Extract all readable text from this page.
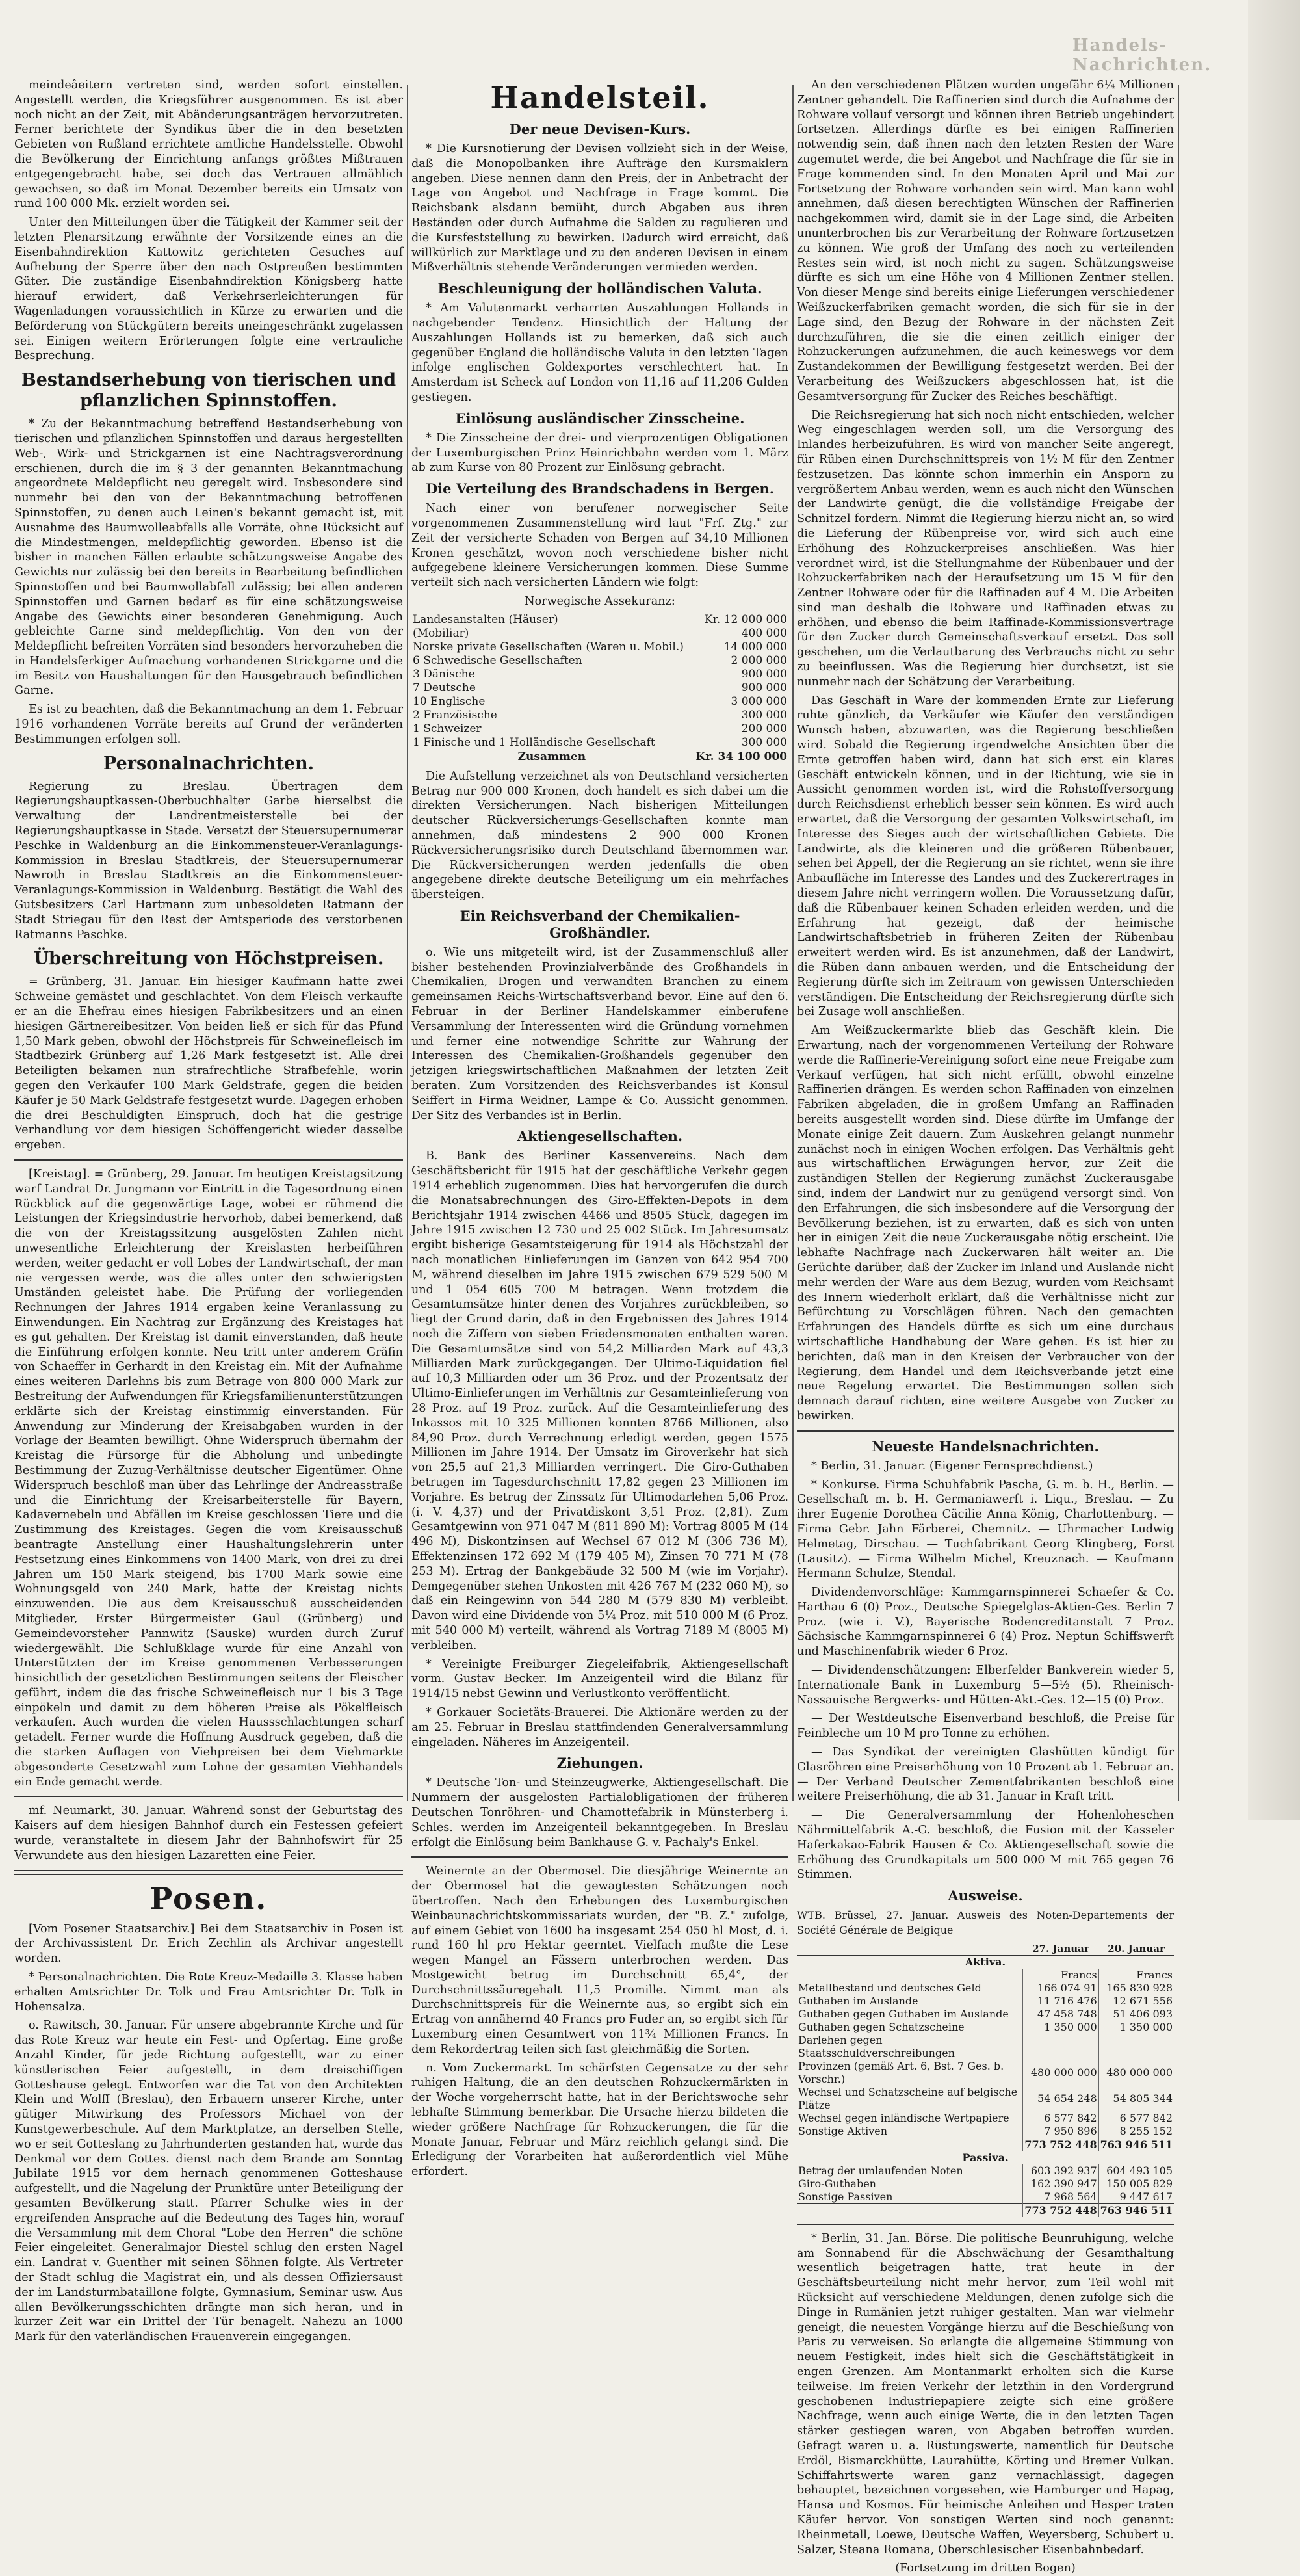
Handels-Nachrichten.

meindeâeitern vertreten sind, werden sofort einstellen. Angestellt werden, die Kriegsführer ausgenommen. Es ist aber noch nicht an der Zeit, mit Abänderungsanträgen hervorzutreten. Ferner berichtete der Syndikus über die in den besetzten Gebieten von Rußland errichtete amtliche Handelsstelle. Obwohl die Bevölkerung der Einrichtung anfangs größtes Mißtrauen entgegengebracht habe, sei doch das Vertrauen allmählich gewachsen, so daß im Monat Dezember bereits ein Umsatz von rund 100 000 Mk. erzielt worden sei.

Unter den Mitteilungen über die Tätigkeit der Kammer seit der letzten Plenarsitzung erwähnte der Vorsitzende eines an die Eisenbahndirektion Kattowitz gerichteten Gesuches auf Aufhebung der Sperre über den nach Ostpreußen bestimmten Güter. Die zuständige Eisenbahndirektion Königsberg hatte hierauf erwidert, daß Verkehrserleichterungen für Wagenladungen voraussichtlich in Kürze zu erwarten und die Beförderung von Stückgütern bereits uneingeschränkt zugelassen sei. Einigen weitern Erörterungen folgte eine vertrauliche Besprechung.

Bestandserhebung von tierischen und pflanzlichen Spinnstoffen.

* Zu der Bekanntmachung betreffend Bestandserhebung von tierischen und pflanzlichen Spinnstoffen und daraus hergestellten Web-, Wirk- und Strickgarnen ist eine Nachtragsverordnung erschienen, durch die im § 3 der genannten Bekanntmachung angeordnete Meldepflicht neu geregelt wird. Insbesondere sind nunmehr bei den von der Bekanntmachung betroffenen Spinnstoffen, zu denen auch Leinen's bekannt gemacht ist, mit Ausnahme des Baumwolleabfalls alle Vorräte, ohne Rücksicht auf die Mindestmengen, meldepflichtig geworden. Ebenso ist die bisher in manchen Fällen erlaubte schätzungsweise Angabe des Gewichts nur zulässig bei den bereits in Bearbeitung befindlichen Spinnstoffen und bei Baumwollabfall zulässig; bei allen anderen Spinnstoffen und Garnen bedarf es für eine schätzungsweise Angabe des Gewichts einer besonderen Genehmigung. Auch gebleichte Garne sind meldepflichtig. Von den von der Meldepflicht befreiten Vorräten sind besonders hervorzuheben die in Handelsferkiger Aufmachung vorhandenen Strickgarne und die im Besitz von Haushaltungen für den Hausgebrauch befindlichen Garne.

Es ist zu beachten, daß die Bekanntmachung an dem 1. Februar 1916 vorhandenen Vorräte bereits auf Grund der veränderten Bestimmungen erfolgen soll.

Personalnachrichten.

Regierung zu Breslau. Übertragen dem Regierungshauptkassen-Oberbuchhalter Garbe hierselbst die Verwaltung der Landrentmeisterstelle bei der Regierungshauptkasse in Stade. Versetzt der Steuersupernumerar Peschke in Waldenburg an die Einkommensteuer-Veranlagungs-Kommission in Breslau Stadtkreis, der Steuersupernumerar Nawroth in Breslau Stadtkreis an die Einkommensteuer-Veranlagungs-Kommission in Waldenburg. Bestätigt die Wahl des Gutsbesitzers Carl Hartmann zum unbesoldeten Ratmann der Stadt Striegau für den Rest der Amtsperiode des verstorbenen Ratmanns Paschke.

Überschreitung von Höchstpreisen.

= Grünberg, 31. Januar. Ein hiesiger Kaufmann hatte zwei Schweine gemästet und geschlachtet. Von dem Fleisch verkaufte er an die Ehefrau eines hiesigen Fabrikbesitzers und an einen hiesigen Gärtnereibesitzer. Von beiden ließ er sich für das Pfund 1,50 Mark geben, obwohl der Höchstpreis für Schweinefleisch im Stadtbezirk Grünberg auf 1,26 Mark festgesetzt ist. Alle drei Beteiligten bekamen nun strafrechtliche Strafbefehle, worin gegen den Verkäufer 100 Mark Geldstrafe, gegen die beiden Käufer je 50 Mark Geldstrafe festgesetzt wurde. Dagegen erhoben die drei Beschuldigten Einspruch, doch hat die gestrige Verhandlung vor dem hiesigen Schöffengericht wieder dasselbe ergeben.

[Kreistag]. = Grünberg, 29. Januar. Im heutigen Kreistagsitzung warf Landrat Dr. Jungmann vor Eintritt in die Tagesordnung einen Rückblick auf die gegenwärtige Lage, wobei er rühmend die Leistungen der Kriegsindustrie hervorhob, dabei bemerkend, daß die von der Kreistagssitzung ausgelösten Zahlen nicht unwesentliche Erleichterung der Kreislasten herbeiführen werden, weiter gedacht er voll Lobes der Landwirtschaft, der man nie vergessen werde, was die alles unter den schwierigsten Umständen geleistet habe. Die Prüfung der vorliegenden Rechnungen der Jahres 1914 ergaben keine Veranlassung zu Einwendungen. Ein Nachtrag zur Ergänzung des Kreistages hat es gut gehalten. Der Kreistag ist damit einverstanden, daß heute die Einführung erfolgen konnte. Neu tritt unter anderem Gräfin von Schaeffer in Gerhardt in den Kreistag ein. Mit der Aufnahme eines weiteren Darlehns bis zum Betrage von 800 000 Mark zur Bestreitung der Aufwendungen für Kriegsfamilienunterstützungen erklärte sich der Kreistag einstimmig einverstanden. Für Anwendung zur Minderung der Kreisabgaben wurden in der Vorlage der Beamten bewilligt. Ohne Widerspruch übernahm der Kreistag die Fürsorge für die Abholung und unbedingte Bestimmung der Zuzug-Verhältnisse deutscher Eigentümer. Ohne Widerspruch beschloß man über das Lehrlinge der Andreasstraße und die Einrichtung der Kreisarbeiterstelle für Bayern, Kadavernebeln und Abfällen im Kreise geschlossen Tiere und die Zustimmung des Kreistages. Gegen die vom Kreisausschuß beantragte Anstellung einer Haushaltungslehrerin unter Festsetzung eines Einkommens von 1400 Mark, von drei zu drei Jahren um 150 Mark steigend, bis 1700 Mark sowie eine Wohnungsgeld von 240 Mark, hatte der Kreistag nichts einzuwenden. Die aus dem Kreisausschuß ausscheidenden Mitglieder, Erster Bürgermeister Gaul (Grünberg) und Gemeindevorsteher Pannwitz (Sauske) wurden durch Zuruf wiedergewählt. Die Schlußklage wurde für eine Anzahl von Unterstützten der im Kreise genommenen Verbesserungen hinsichtlich der gesetzlichen Bestimmungen seitens der Fleischer geführt, indem die das frische Schweinefleisch nur 1 bis 3 Tage einpökeln und damit zu dem höheren Preise als Pökelfleisch verkaufen. Auch wurden die vielen Haussschlachtungen scharf getadelt. Ferner wurde die Hoffnung Ausdruck gegeben, daß die die starken Auflagen von Viehpreisen bei dem Viehmarkte abgesonderte Gesetzwahl zum Lohne der gesamten Viehhandels ein Ende gemacht werde.

mf. Neumarkt, 30. Januar. Während sonst der Geburtstag des Kaisers auf dem hiesigen Bahnhof durch ein Festessen gefeiert wurde, veranstaltete in diesem Jahr der Bahnhofswirt für 25 Verwundete aus den hiesigen Lazaretten eine Feier.

Posen.

[Vom Posener Staatsarchiv.] Bei dem Staatsarchiv in Posen ist der Archivassistent Dr. Erich Zechlin als Archivar angestellt worden.

* Personalnachrichten. Die Rote Kreuz-Medaille 3. Klasse haben erhalten Amtsrichter Dr. Tolk und Frau Amtsrichter Dr. Tolk in Hohensalza.

o. Rawitsch, 30. Januar. Für unsere abgebrannte Kirche und für das Rote Kreuz war heute ein Fest- und Opfertag. Eine große Anzahl Kinder, für jede Richtung aufgestellt, war zu einer künstlerischen Feier aufgestellt, in dem dreischiffigen Gotteshause gelegt. Entworfen war die Tat von den Architekten Klein und Wolff (Breslau), den Erbauern unserer Kirche, unter gütiger Mitwirkung des Professors Michael von der Kunstgewerbeschule. Auf dem Marktplatze, an derselben Stelle, wo er seit Gotteslang zu Jahrhunderten gestanden hat, wurde das Denkmal vor dem Gottes. dienst nach dem Brande am Sonntag Jubilate 1915 vor dem hernach genommenen Gotteshause aufgestellt, und die Nagelung der Prunktüre unter Beteiligung der gesamten Bevölkerung statt. Pfarrer Schulke wies in der ergreifenden Ansprache auf die Bedeutung des Tages hin, worauf die Versammlung mit dem Choral "Lobe den Herren" die schöne Feier eingeleitet. Generalmajor Diestel schlug den ersten Nagel ein. Landrat v. Guenther mit seinen Söhnen folgte. Als Vertreter der Stadt schlug die Magistrat ein, und als dessen Offiziersaust der im Landsturmbataillone folgte, Gymnasium, Seminar usw. Aus allen Bevölkerungsschichten drängte man sich heran, und in kurzer Zeit war ein Drittel der Tür benagelt. Nahezu an 1000 Mark für den vaterländischen Frauenverein eingegangen.

Handelsteil.
Der neue Devisen-Kurs.

* Die Kursnotierung der Devisen vollzieht sich in der Weise, daß die Monopolbanken ihre Aufträge den Kursmaklern angeben. Diese nennen dann den Preis, der in Anbetracht der Lage von Angebot und Nachfrage in Frage kommt. Die Reichsbank alsdann bemüht, durch Abgaben aus ihren Beständen oder durch Aufnahme die Salden zu regulieren und die Kursfeststellung zu bewirken. Dadurch wird erreicht, daß willkürlich zur Marktlage und zu den anderen Devisen in einem Mißverhältnis stehende Veränderungen vermieden werden.

Beschleunigung der holländischen Valuta.

* Am Valutenmarkt verharrten Auszahlungen Hollands in nachgebender Tendenz. Hinsichtlich der Haltung der Auszahlungen Hollands ist zu bemerken, daß sich auch gegenüber England die holländische Valuta in den letzten Tagen infolge englischen Goldexportes verschlechtert hat. In Amsterdam ist Scheck auf London von 11,16 auf 11,206 Gulden gestiegen.

Einlösung ausländischer Zinsscheine.

* Die Zinsscheine der drei- und vierprozentigen Obligationen der Luxemburgischen Prinz Heinrichbahn werden vom 1. März ab zum Kurse von 80 Prozent zur Einlösung gebracht.

Die Verteilung des Brandschadens in Bergen.

Nach einer von berufener norwegischer Seite vorgenommenen Zusammenstellung wird laut "Frf. Ztg." zur Zeit der versicherte Schaden von Bergen auf 34,10 Millionen Kronen geschätzt, wovon noch verschiedene bisher nicht aufgegebene kleinere Versicherungen kommen. Diese Summe verteilt sich nach versicherten Ländern wie folgt:

Norwegische Assekuranz:

Landesanstalten (Häuser)	Kr. 12 000 000
(Mobiliar)	400 000
Norske private Gesellschaften (Waren u. Mobil.)	14 000 000
6 Schwedische Gesellschaften	2 000 000
3 Dänische	900 000
7 Deutsche	900 000
10 Englische	3 000 000
2 Französische	300 000
1 Schweizer	200 000
1 Finische und 1 Holländische Gesellschaft	300 000
Zusammen	Kr. 34 100 000

Die Aufstellung verzeichnet als von Deutschland versicherten Betrag nur 900 000 Kronen, doch handelt es sich dabei um die direkten Versicherungen. Nach bisherigen Mitteilungen deutscher Rückversicherungs-Gesellschaften konnte man annehmen, daß mindestens 2 900 000 Kronen Rückversicherungsrisiko durch Deutschland übernommen war. Die Rückversicherungen werden jedenfalls die oben angegebene direkte deutsche Beteiligung um ein mehrfaches übersteigen.

Ein Reichsverband der Chemikalien-Großhändler.

o. Wie uns mitgeteilt wird, ist der Zusammenschluß aller bisher bestehenden Provinzialverbände des Großhandels in Chemikalien, Drogen und verwandten Branchen zu einem gemeinsamen Reichs-Wirtschaftsverband bevor. Eine auf den 6. Februar in der Berliner Handelskammer einberufene Versammlung der Interessenten wird die Gründung vornehmen und ferner eine notwendige Schritte zur Wahrung der Interessen des Chemikalien-Großhandels gegenüber den jetzigen kriegswirtschaftlichen Maßnahmen der letzten Zeit beraten. Zum Vorsitzenden des Reichsverbandes ist Konsul Seiffert in Firma Weidner, Lampe & Co. Aussicht genommen. Der Sitz des Verbandes ist in Berlin.

Aktiengesellschaften.

B. Bank des Berliner Kassenvereins. Nach dem Geschäftsbericht für 1915 hat der geschäftliche Verkehr gegen 1914 erheblich zugenommen. Dies hat hervorgerufen die durch die Monatsabrechnungen des Giro-Effekten-Depots in dem Berichtsjahr 1914 zwischen 4466 und 8505 Stück, dagegen im Jahre 1915 zwischen 12 730 und 25 002 Stück. Im Jahresumsatz ergibt bisherige Gesamtsteigerung für 1914 als Höchstzahl der nach monatlichen Einlieferungen im Ganzen von 642 954 700 M, während dieselben im Jahre 1915 zwischen 679 529 500 M und 1 054 605 700 M betragen. Wenn trotzdem die Gesamtumsätze hinter denen des Vorjahres zurückbleiben, so liegt der Grund darin, daß in den Ergebnissen des Jahres 1914 noch die Ziffern von sieben Friedensmonaten enthalten waren. Die Gesamtumsätze sind von 54,2 Milliarden Mark auf 43,3 Milliarden Mark zurückgegangen. Der Ultimo-Liquidation fiel auf 10,3 Milliarden oder um 36 Proz. und der Prozentsatz der Ultimo-Einlieferungen im Verhältnis zur Gesamteinlieferung von 28 Proz. auf 19 Proz. zurück. Auf die Gesamteinlieferung des Inkassos mit 10 325 Millionen konnten 8766 Millionen, also 84,90 Proz. durch Verrechnung erledigt werden, gegen 1575 Millionen im Jahre 1914. Der Umsatz im Giroverkehr hat sich von 25,5 auf 21,3 Milliarden verringert. Die Giro-Guthaben betrugen im Tagesdurchschnitt 17,82 gegen 23 Millionen im Vorjahre. Es betrug der Zinssatz für Ultimodarlehen 5,06 Proz. (i. V. 4,37) und der Privatdiskont 3,51 Proz. (2,81). Zum Gesamtgewinn von 971 047 M (811 890 M): Vortrag 8005 M (14 496 M), Diskontzinsen auf Wechsel 67 012 M (306 736 M), Effektenzinsen 172 692 M (179 405 M), Zinsen 70 771 M (78 253 M). Ertrag der Bankgebäude 32 500 M (wie im Vorjahr). Demgegenüber stehen Unkosten mit 426 767 M (232 060 M), so daß ein Reingewinn von 544 280 M (579 830 M) verbleibt. Davon wird eine Dividende von 5¼ Proz. mit 510 000 M (6 Proz. mit 540 000 M) verteilt, während als Vortrag 7189 M (8005 M) verbleiben.

* Vereinigte Freiburger Ziegeleifabrik, Aktiengesellschaft vorm. Gustav Becker. Im Anzeigenteil wird die Bilanz für 1914/15 nebst Gewinn und Verlustkonto veröffentlicht.

* Gorkauer Societäts-Brauerei. Die Aktionäre werden zu der am 25. Februar in Breslau stattfindenden Generalversammlung eingeladen. Näheres im Anzeigenteil.

Ziehungen.

* Deutsche Ton- und Steinzeugwerke, Aktiengesellschaft. Die Nummern der ausgelosten Partialobligationen der früheren Deutschen Tonröhren- und Chamottefabrik in Münsterberg i. Schles. werden im Anzeigenteil bekanntgegeben. In Breslau erfolgt die Einlösung beim Bankhause G. v. Pachaly's Enkel.

Weinernte an der Obermosel. Die diesjährige Weinernte an der Obermosel hat die gewagtesten Schätzungen noch übertroffen. Nach den Erhebungen des Luxemburgischen Weinbaunachrichtskommissariats wurden, der "B. Z." zufolge, auf einem Gebiet von 1600 ha insgesamt 254 050 hl Most, d. i. rund 160 hl pro Hektar geerntet. Vielfach mußte die Lese wegen Mangel an Fässern unterbrochen werden. Das Mostgewicht betrug im Durchschnitt 65,4°, der Durchschnittssäuregehalt 11,5 Promille. Nimmt man als Durchschnittspreis für die Weinernte aus, so ergibt sich ein Ertrag von annähernd 40 Francs pro Fuder an, so ergibt sich für Luxemburg einen Gesamtwert von 11¾ Millionen Francs. In dem Rekordertrag teilen sich fast gleichmäßig die Sorten.

n. Vom Zuckermarkt. Im schärfsten Gegensatze zu der sehr ruhigen Haltung, die an den deutschen Rohzuckermärkten in der Woche vorgeherrscht hatte, hat in der Berichtswoche sehr lebhafte Stimmung bemerkbar. Die Ursache hierzu bildeten die wieder größere Nachfrage für Rohzuckerungen, die für die Monate Januar, Februar und März reichlich gelangt sind. Die Erledigung der Vorarbeiten hat außerordentlich viel Mühe erfordert.

An den verschiedenen Plätzen wurden ungefähr 6¼ Millionen Zentner gehandelt. Die Raffinerien sind durch die Aufnahme der Rohware vollauf versorgt und können ihren Betrieb ungehindert fortsetzen. Allerdings dürfte es bei einigen Raffinerien notwendig sein, daß ihnen nach den letzten Resten der Ware zugemutet werde, die bei Angebot und Nachfrage die für sie in Frage kommenden sind. In den Monaten April und Mai zur Fortsetzung der Rohware vorhanden sein wird. Man kann wohl annehmen, daß diesen berechtigten Wünschen der Raffinerien nachgekommen wird, damit sie in der Lage sind, die Arbeiten ununterbrochen bis zur Verarbeitung der Rohware fortzusetzen zu können. Wie groß der Umfang des noch zu verteilenden Restes sein wird, ist noch nicht zu sagen. Schätzungsweise dürfte es sich um eine Höhe von 4 Millionen Zentner stellen. Von dieser Menge sind bereits einige Lieferungen verschiedener Weißzuckerfabriken gemacht worden, die sich für sie in der Lage sind, den Bezug der Rohware in der nächsten Zeit durchzuführen, die sie die einen zeitlich einiger der Rohzuckerungen aufzunehmen, die auch keineswegs vor dem Zustandekommen der Bewilligung festgesetzt werden. Bei der Verarbeitung des Weißzuckers abgeschlossen hat, ist die Gesamtversorgung für Zucker des Reiches beschäftigt.

Die Reichsregierung hat sich noch nicht entschieden, welcher Weg eingeschlagen werden soll, um die Versorgung des Inlandes herbeizuführen. Es wird von mancher Seite angeregt, für Rüben einen Durchschnittspreis von 1½ M für den Zentner festzusetzen. Das könnte schon immerhin ein Ansporn zu vergrößertem Anbau werden, wenn es auch nicht den Wünschen der Landwirte genügt, die die vollständige Freigabe der Schnitzel fordern. Nimmt die Regierung hierzu nicht an, so wird die Lieferung der Rübenpreise vor, wird sich auch eine Erhöhung des Rohzuckerpreises anschließen. Was hier verordnet wird, ist die Stellungnahme der Rübenbauer und der Rohzuckerfabriken nach der Heraufsetzung um 15 M für den Zentner Rohware oder für die Raffinaden auf 4 M. Die Arbeiten sind man deshalb die Rohware und Raffinaden etwas zu erhöhen, und ebenso die beim Raffinade-Kommissionsvertrage für den Zucker durch Gemeinschaftsverkauf ersetzt. Das soll geschehen, um die Verlautbarung des Verbrauchs nicht zu sehr zu beeinflussen. Was die Regierung hier durchsetzt, ist sie nunmehr nach der Schätzung der Verarbeitung.

Das Geschäft in Ware der kommenden Ernte zur Lieferung ruhte gänzlich, da Verkäufer wie Käufer den verständigen Wunsch haben, abzuwarten, was die Regierung beschließen wird. Sobald die Regierung irgendwelche Ansichten über die Ernte getroffen haben wird, dann hat sich erst ein klares Geschäft entwickeln können, und in der Richtung, wie sie in Aussicht genommen worden ist, wird die Rohstoffversorgung durch Reichsdienst erheblich besser sein können. Es wird auch erwartet, daß die Versorgung der gesamten Volkswirtschaft, im Interesse des Sieges auch der wirtschaftlichen Gebiete. Die Landwirte, als die kleineren und die größeren Rübenbauer, sehen bei Appell, der die Regierung an sie richtet, wenn sie ihre Anbaufläche im Interesse des Landes und des Zuckerertrages in diesem Jahre nicht verringern wollen. Die Voraussetzung dafür, daß die Rübenbauer keinen Schaden erleiden werden, und die Erfahrung hat gezeigt, daß der heimische Landwirtschaftsbetrieb in früheren Zeiten der Rübenbau erweitert werden wird. Es ist anzunehmen, daß der Landwirt, die Rüben dann anbauen werden, und die Entscheidung der Regierung dürfte sich im Zeitraum von gewissen Unterschieden verständigen. Die Entscheidung der Reichsregierung dürfte sich bei Zusage woll anschließen.

Am Weißzuckermarkte blieb das Geschäft klein. Die Erwartung, nach der vorgenommenen Verteilung der Rohware werde die Raffinerie-Vereinigung sofort eine neue Freigabe zum Verkauf verfügen, hat sich nicht erfüllt, obwohl einzelne Raffinerien drängen. Es werden schon Raffinaden von einzelnen Fabriken abgeladen, die in großem Umfang an Raffinaden bereits ausgestellt worden sind. Diese dürfte im Umfange der Monate einige Zeit dauern. Zum Auskehren gelangt nunmehr zunächst noch in einigen Wochen erfolgen. Das Verhältnis geht aus wirtschaftlichen Erwägungen hervor, zur Zeit die zuständigen Stellen der Regierung zunächst Zuckerausgabe sind, indem der Landwirt nur zu genügend versorgt sind. Von den Erfahrungen, die sich insbesondere auf die Versorgung der Bevölkerung beziehen, ist zu erwarten, daß es sich von unten her in einigen Zeit die neue Zuckerausgabe nötig erscheint. Die lebhafte Nachfrage nach Zuckerwaren hält weiter an. Die Gerüchte darüber, daß der Zucker im Inland und Auslande nicht mehr werden der Ware aus dem Bezug, wurden vom Reichsamt des Innern wiederholt erklärt, daß die Verhältnisse nicht zur Befürchtung zu Vorschlägen führen. Nach den gemachten Erfahrungen des Handels dürfte es sich um eine durchaus wirtschaftliche Handhabung der Ware gehen. Es ist hier zu berichten, daß man in den Kreisen der Verbraucher von der Regierung, dem Handel und dem Reichsverbande jetzt eine neue Regelung erwartet. Die Bestimmungen sollen sich demnach darauf richten, eine weitere Ausgabe von Zucker zu bewirken.

Neueste Handelsnachrichten.

* Berlin, 31. Januar. (Eigener Fernsprechdienst.)

* Konkurse. Firma Schuhfabrik Pascha, G. m. b. H., Berlin. — Gesellschaft m. b. H. Germaniawerft i. Liqu., Breslau. — Zu ihrer Eugenie Dorothea Cäcilie Anna König, Charlottenburg. — Firma Gebr. Jahn Färberei, Chemnitz. — Uhrmacher Ludwig Helmetag, Dirschau. — Tuchfabrikant Georg Klingberg, Forst (Lausitz). — Firma Wilhelm Michel, Kreuznach. — Kaufmann Hermann Schulze, Stendal.

Dividendenvorschläge: Kammgarnspinnerei Schaefer & Co. Harthau 6 (0) Proz., Deutsche Spiegelglas-Aktien-Ges. Berlin 7 Proz. (wie i. V.), Bayerische Bodencreditanstalt 7 Proz. Sächsische Kammgarnspinnerei 6 (4) Proz. Neptun Schiffswerft und Maschinenfabrik wieder 6 Proz.

— Dividendenschätzungen: Elberfelder Bankverein wieder 5, Internationale Bank in Luxemburg 5—5½ (5). Rheinisch-Nassauische Bergwerks- und Hütten-Akt.-Ges. 12—15 (0) Proz.

— Der Westdeutsche Eisenverband beschloß, die Preise für Feinbleche um 10 M pro Tonne zu erhöhen.

— Das Syndikat der vereinigten Glashütten kündigt für Glasröhren eine Preiserhöhung von 10 Prozent ab 1. Februar an. — Der Verband Deutscher Zementfabrikanten beschloß eine weitere Preiserhöhung, die ab 31. Januar in Kraft tritt.

— Die Generalversammlung der Hohenloheschen Nährmittelfabrik A.-G. beschloß, die Fusion mit der Kasseler Haferkakao-Fabrik Hausen & Co. Aktiengesellschaft sowie die Erhöhung des Grundkapitals um 500 000 M mit 765 gegen 76 Stimmen.

Ausweise.

WTB. Brüssel, 27. Januar. Ausweis des Noten-Departements der Société Générale de Belgique

	27. Januar	20. Januar
Aktiva.		
	Francs	Francs
Metallbestand und deutsches Geld	166 074 91	165 830 928
Guthaben im Auslande	11 716 476	12 671 556
Guthaben gegen Guthaben im Auslande	47 458 748	51 406 093
Guthaben gegen Schatzscheine	1 350 000	1 350 000
Darlehen gegen Staatsschuldverschreibungen		
Provinzen (gemäß Art. 6, Bst. 7 Ges. b. Vorschr.)	480 000 000	480 000 000
Wechsel und Schatzscheine auf belgische Plätze	54 654 248	54 805 344
Wechsel gegen inländische Wertpapiere	6 577 842	6 577 842
Sonstige Aktiven	7 950 896	8 255 152
	773 752 448	763 946 511
Passiva.		
Betrag der umlaufenden Noten	603 392 937	604 493 105
Giro-Guthaben	162 390 947	150 005 829
Sonstige Passiven	7 968 564	9 447 617
	773 752 448	763 946 511

* Berlin, 31. Jan. Börse. Die politische Beunruhigung, welche am Sonnabend für die Abschwächung der Gesamthaltung wesentlich beigetragen hatte, trat heute in der Geschäftsbeurteilung nicht mehr hervor, zum Teil wohl mit Rücksicht auf verschiedene Meldungen, denen zufolge sich die Dinge in Rumänien jetzt ruhiger gestalten. Man war vielmehr geneigt, die neuesten Vorgänge hierzu auf die Beschießung von Paris zu verweisen. So erlangte die allgemeine Stimmung von neuem Festigkeit, indes hielt sich die Geschäftstätigkeit in engen Grenzen. Am Montanmarkt erholten sich die Kurse teilweise. Im freien Verkehr der letzthin in den Vordergrund geschobenen Industriepapiere zeigte sich eine größere Nachfrage, wenn auch einige Werte, die in den letzten Tagen stärker gestiegen waren, von Abgaben betroffen wurden. Gefragt waren u. a. Rüstungswerte, namentlich für Deutsche Erdöl, Bismarckhütte, Laurahütte, Körting und Bremer Vulkan. Schiffahrtswerte waren ganz vernachlässigt, dagegen behauptet, bezeichnen vorgesehen, wie Hamburger und Hapag, Hansa und Kosmos. Für heimische Anleihen und Hasper traten Käufer hervor. Von sonstigen Werten sind noch genannt: Rheinmetall, Loewe, Deutsche Waffen, Weyersberg, Schubert u. Salzer, Steana Romana, Oberschlesischer Eisenbahnbedarf.

(Fortsetzung im dritten Bogen)
